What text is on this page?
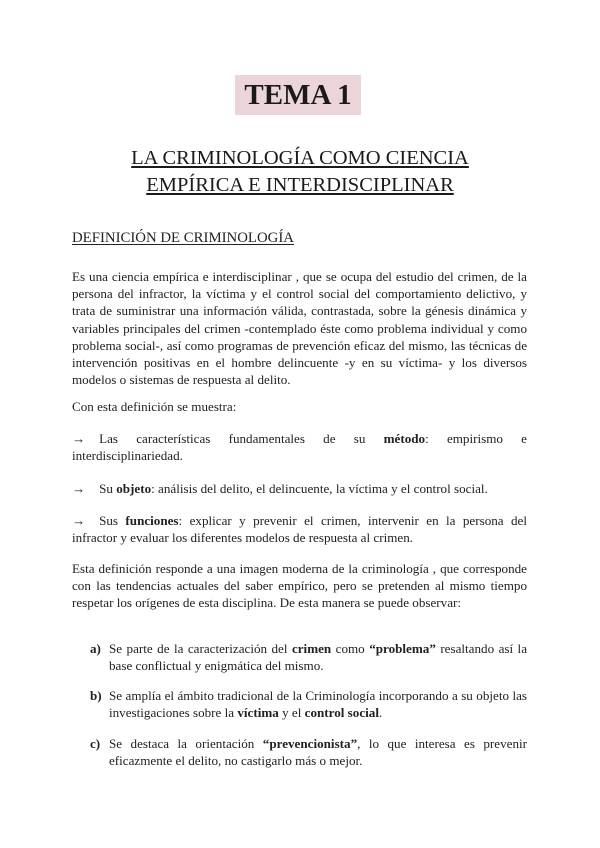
TEMA 1
LA CRIMINOLOGÍA COMO CIENCIA
EMPÍRICA E INTERDISCIPLINAR
DEFINICIÓN DE CRIMINOLOGÍA
Es una ciencia empírica e interdisciplinar , que se ocupa del estudio del crimen, de la persona del infractor, la víctima y el control social del comportamiento delictivo, y trata de suministrar una información válida, contrastada, sobre la génesis dinámica y variables principales del crimen -contemplado éste como problema individual y como problema social-, así como programas de prevención eficaz del mismo, las técnicas de intervención positivas en el hombre delincuente -y en su víctima- y los diversos modelos o sistemas de respuesta al delito.
Con esta definición se muestra:
→ Las características fundamentales de su método: empirismo e interdisciplinariedad.
→ Su objeto: análisis del delito, el delincuente, la víctima y el control social.
→ Sus funciones: explicar y prevenir el crimen, intervenir en la persona del infractor y evaluar los diferentes modelos de respuesta al crimen.
Esta definición responde a una imagen moderna de la criminología , que corresponde con las tendencias actuales del saber empírico, pero se pretenden al mismo tiempo respetar los orígenes de esta disciplina. De esta manera se puede observar:
a) Se parte de la caracterización del crimen como “problema” resaltando así la base conflictual y enigmática del mismo.
b) Se amplía el ámbito tradicional de la Criminología incorporando a su objeto las investigaciones sobre la víctima y el control social.
c) Se destaca la orientación “prevencionista”, lo que interesa es prevenir eficazmente el delito, no castigarlo más o mejor.
